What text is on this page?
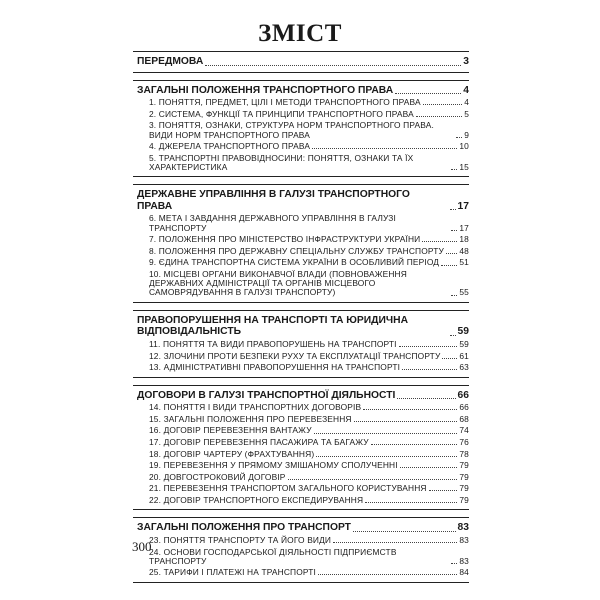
ЗМІСТ
ПЕРЕДМОВА	3
ЗАГАЛЬНІ ПОЛОЖЕННЯ ТРАНСПОРТНОГО ПРАВА	4
1. ПОНЯТТЯ, ПРЕДМЕТ, ЦІЛІ І МЕТОДИ ТРАНСПОРТНОГО ПРАВА	4
2. СИСТЕМА, ФУНКЦІЇ ТА ПРИНЦИПИ ТРАНСПОРТНОГО ПРАВА	5
3. ПОНЯТТЯ, ОЗНАКИ, СТРУКТУРА НОРМ ТРАНСПОРТНОГО ПРАВА. ВИДИ НОРМ ТРАНСПОРТНОГО ПРАВА	9
4. ДЖЕРЕЛА ТРАНСПОРТНОГО ПРАВА	10
5. ТРАНСПОРТНІ ПРАВОВІДНОСИНИ: ПОНЯТТЯ, ОЗНАКИ ТА ЇХ ХАРАКТЕРИСТИКА	15
ДЕРЖАВНЕ УПРАВЛІННЯ В ГАЛУЗІ ТРАНСПОРТНОГО ПРАВА	17
6. МЕТА І ЗАВДАННЯ ДЕРЖАВНОГО УПРАВЛІННЯ В ГАЛУЗІ ТРАНСПОРТУ	17
7. ПОЛОЖЕННЯ ПРО МІНІСТЕРСТВО ІНФРАСТРУКТУРИ УКРАЇНИ	18
8. ПОЛОЖЕННЯ ПРО ДЕРЖАВНУ СПЕЦІАЛЬНУ СЛУЖБУ ТРАНСПОРТУ 48
9. ЄДИНА ТРАНСПОРТНА СИСТЕМА УКРАЇНИ В ОСОБЛИВИЙ ПЕРІОД 51
10. МІСЦЕВІ ОРГАНИ ВИКОНАВЧОЇ ВЛАДИ (ПОВНОВАЖЕННЯ ДЕРЖАВНИХ АДМІНІСТРАЦІЇ ТА ОРГАНІВ МІСЦЕВОГО САМОВРЯДУВАННЯ В ГАЛУЗІ ТРАНСПОРТУ)	55
ПРАВОПОРУШЕННЯ НА ТРАНСПОРТІ ТА ЮРИДИЧНА ВІДПОВІДАЛЬНІСТЬ	59
11. ПОНЯТТЯ ТА ВИДИ ПРАВОПОРУШЕНЬ НА ТРАНСПОРТІ	59
12. ЗЛОЧИНИ ПРОТИ БЕЗПЕКИ РУХУ ТА ЕКСПЛУАТАЦІЇ ТРАНСПОРТУ 61
13. АДМІНІСТРАТИВНІ ПРАВОПОРУШЕННЯ НА ТРАНСПОРТІ	63
ДОГОВОРИ В ГАЛУЗІ ТРАНСПОРТНОЇ ДІЯЛЬНОСТІ	66
14. ПОНЯТТЯ І ВИДИ ТРАНСПОРТНИХ ДОГОВОРІВ	66
15. ЗАГАЛЬНІ ПОЛОЖЕННЯ ПРО ПЕРЕВЕЗЕННЯ	68
16. ДОГОВІР ПЕРЕВЕЗЕННЯ ВАНТАЖУ	74
17. ДОГОВІР ПЕРЕВЕЗЕННЯ ПАСАЖИРА ТА БАГАЖУ	76
18. ДОГОВІР ЧАРТЕРУ (ФРАХТУВАННЯ)	78
19. ПЕРЕВЕЗЕННЯ У ПРЯМОМУ ЗМІШАНОМУ СПОЛУЧЕННІ	79
20. ДОВГОСТРОКОВИЙ ДОГОВІР	79
21. ПЕРЕВЕЗЕННЯ ТРАНСПОРТОМ ЗАГАЛЬНОГО КОРИСТУВАННЯ	79
22. ДОГОВІР ТРАНСПОРТНОГО ЕКСПЕДИРУВАННЯ	79
ЗАГАЛЬНІ ПОЛОЖЕННЯ ПРО ТРАНСПОРТ	83
23. ПОНЯТТЯ ТРАНСПОРТУ ТА ЙОГО ВИДИ	83
24. ОСНОВИ ГОСПОДАРСЬКОЇ ДІЯЛЬНОСТІ ПІДПРИЄМСТВ ТРАНСПОРТУ	83
25. ТАРИФИ І ПЛАТЕЖІ НА ТРАНСПОРТІ	84
300
